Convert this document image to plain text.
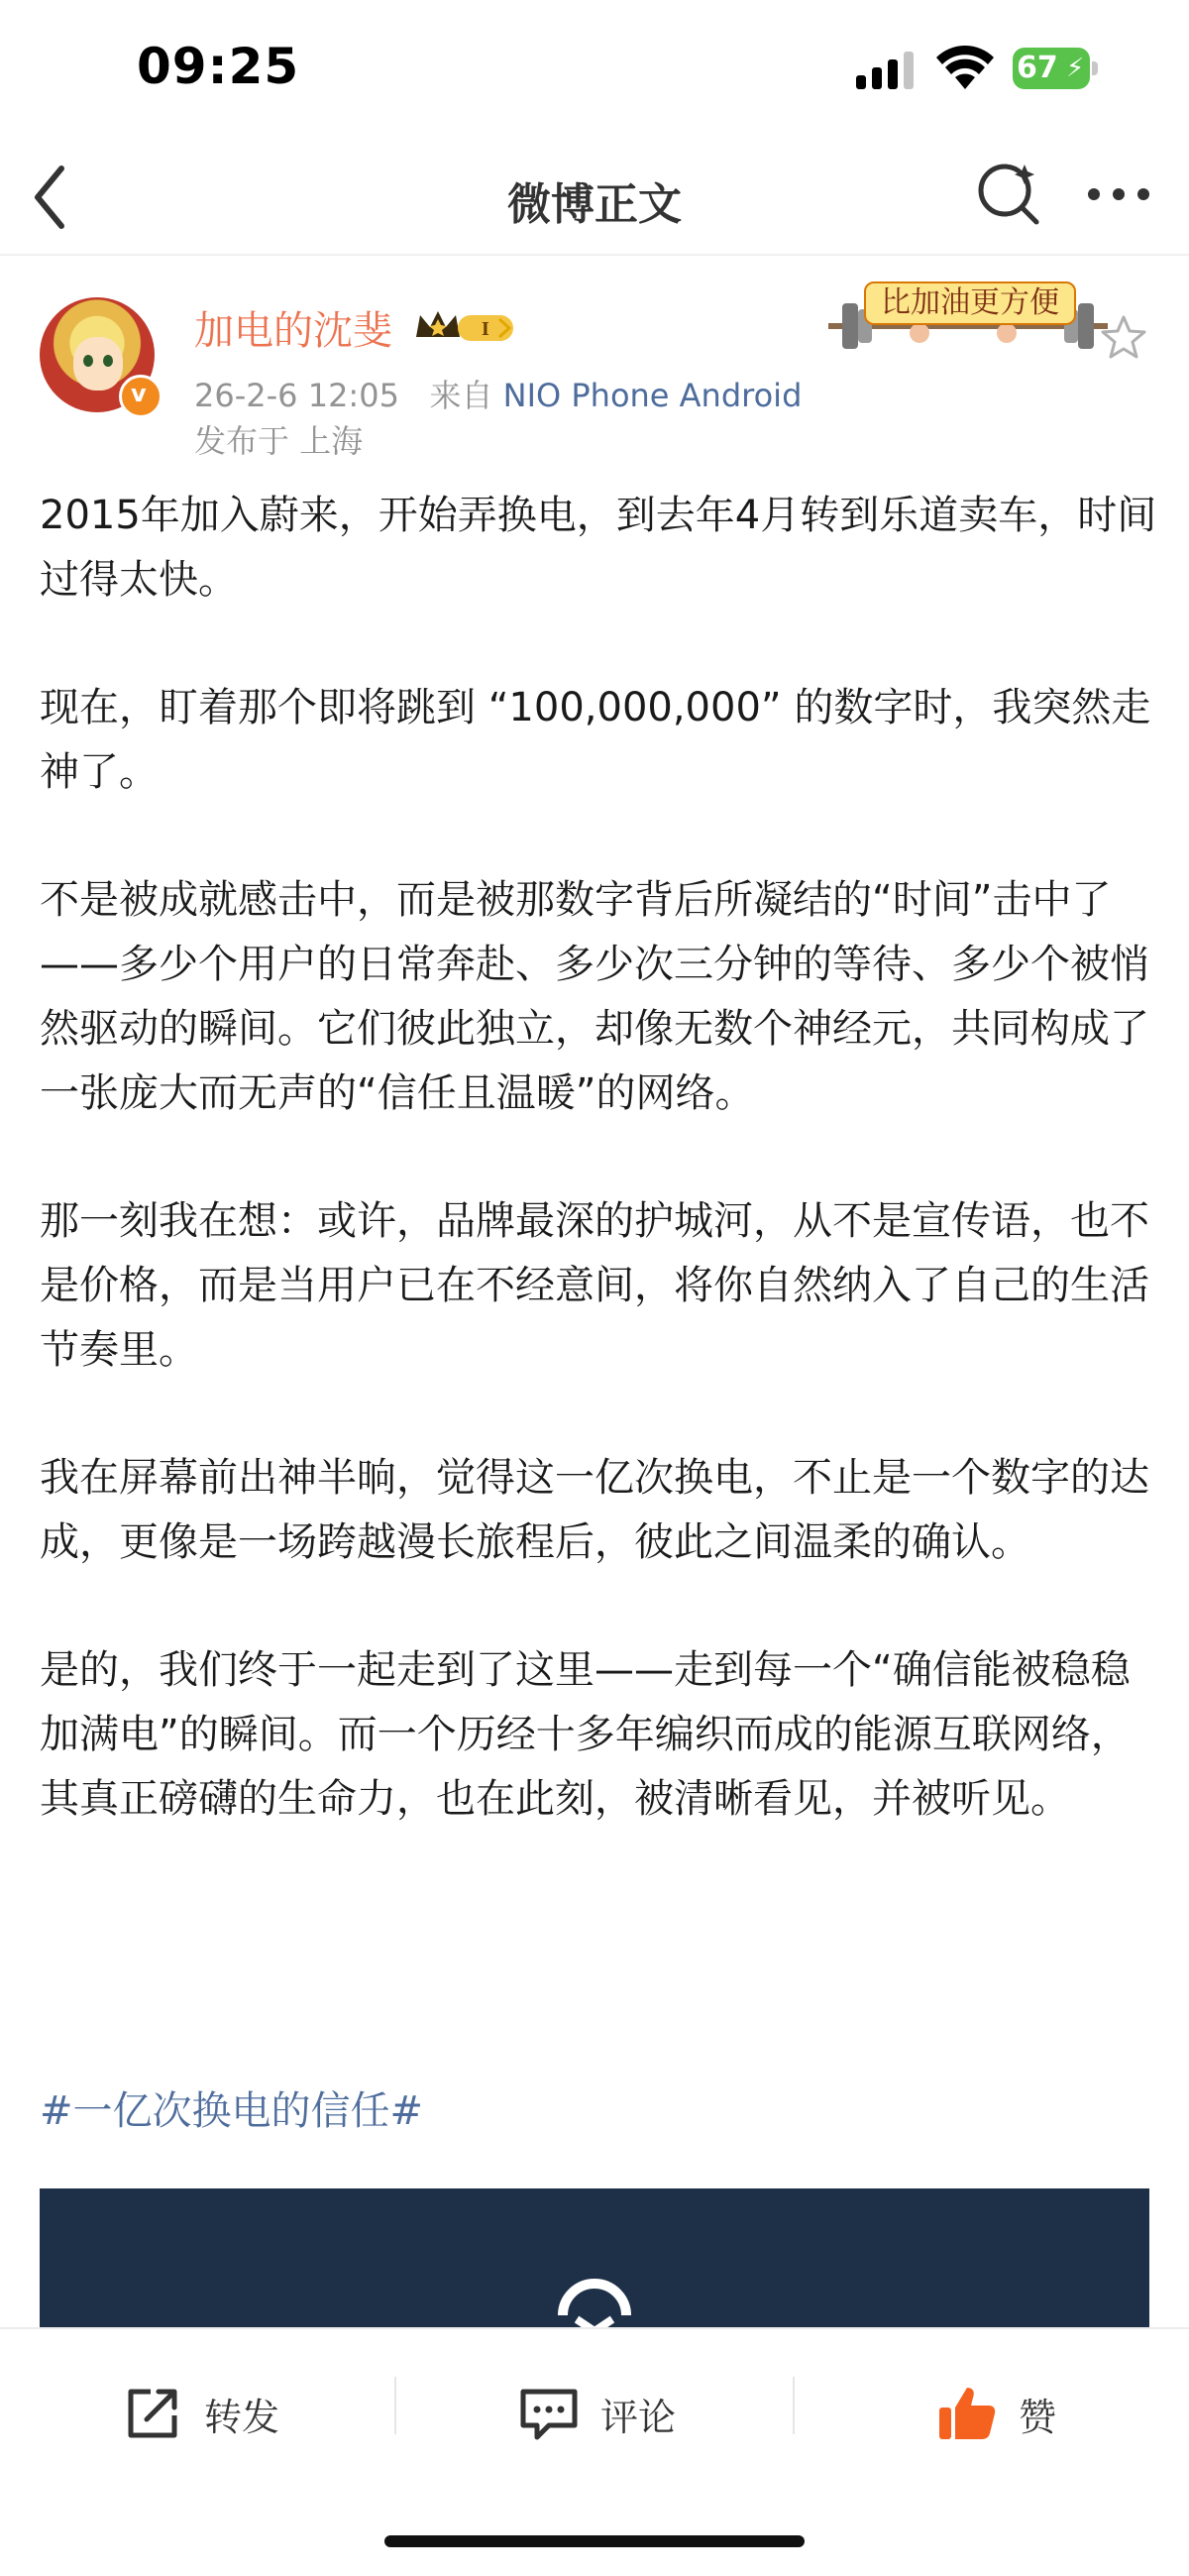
09:25	67 ⚡
微博正文
v
加电的沈斐	I
26-2-6 12:05 来自 NIO Phone Android
发布于 上海
比加油更方便

2015年加入蔚来，开始弄换电，到去年4月转到乐道卖车，时间过得太快。

现在，盯着那个即将跳到 “100,000,000” 的数字时，我突然走神了。

不是被成就感击中，而是被那数字背后所凝结的“时间”击中了——多少个用户的日常奔赴、多少次三分钟的等待、多少个被悄然驱动的瞬间。它们彼此独立，却像无数个神经元，共同构成了一张庞大而无声的“信任且温暖”的网络。

那一刻我在想：或许，品牌最深的护城河，从不是宣传语，也不是价格，而是当用户已在不经意间，将你自然纳入了自己的生活节奏里。

我在屏幕前出神半晌，觉得这一亿次换电，不止是一个数字的达成，更像是一场跨越漫长旅程后，彼此之间温柔的确认。

是的，我们终于一起走到了这里——走到每一个“确信能被稳稳加满电”的瞬间。而一个历经十多年编织而成的能源互联网络，其真正磅礴的生命力，也在此刻，被清晰看见，并被听见。

#一亿次换电的信任#
转发	评论	赞
